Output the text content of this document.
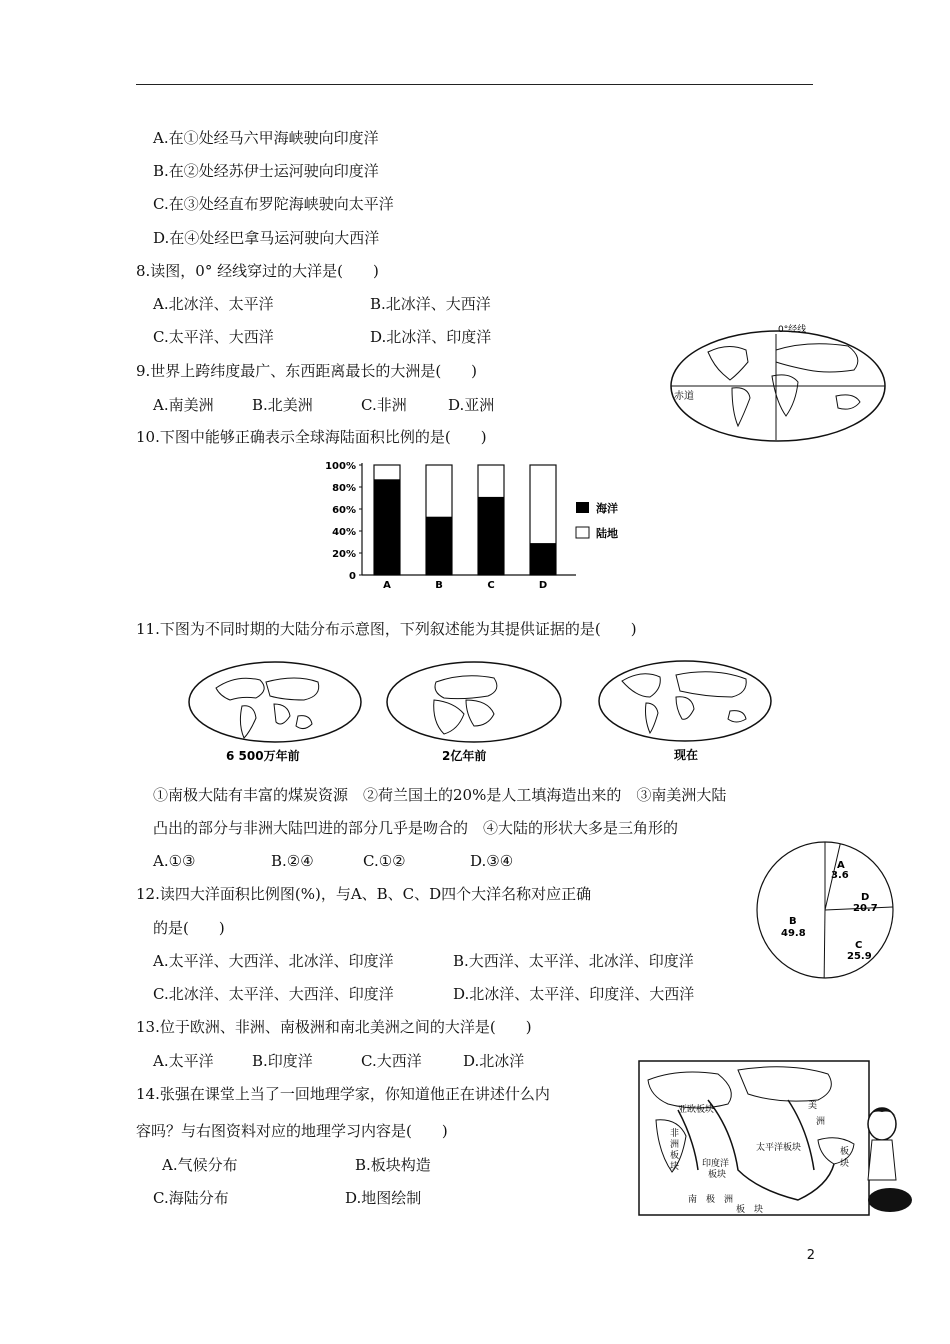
A.在①处经马六甲海峡驶向印度洋
B.在②处经苏伊士运河驶向印度洋
C.在③处经直布罗陀海峡驶向太平洋
D.在④处经巴拿马运河驶向大西洋
8.读图，0° 经线穿过的大洋是(　　)
A.北冰洋、太平洋	B.北冰洋、大西洋
C.太平洋、大西洋	D.北冰洋、印度洋	0°经线
赤道
9.世界上跨纬度最广、东西距离最长的大洲是(　　)
A.南美洲	B.北美洲	C.非洲	D.亚洲
10.下图中能够正确表示全球海陆面积比例的是(　　)
0
20%
40%
60%
80%
100%
A	B	C	D
海洋
陆地
11.下图为不同时期的大陆分布示意图，下列叙述能为其提供证据的是(　　)
6 500万年前	2亿年前	现在
①南极大陆有丰富的煤炭资源　②荷兰国土的20%是人工填海造出来的　③南美洲大陆
凸出的部分与非洲大陆凹进的部分几乎是吻合的　④大陆的形状大多是三角形的
A.①③	B.②④	C.①②	D.③④
12.读四大洋面积比例图(%)，与A、B、C、D四个大洋名称对应正确
的是(　　)
A
3.6
D
20.7
C
25.9
B
49.8
A.太平洋、大西洋、北冰洋、印度洋	B.大西洋、太平洋、北冰洋、印度洋
C.北冰洋、太平洋、大西洋、印度洋	D.北冰洋、太平洋、印度洋、大西洋
13.位于欧洲、非洲、南极洲和南北美洲之间的大洋是(　　)
A.太平洋	B.印度洋	C.大西洋	D.北冰洋
14.张强在课堂上当了一回地理学家，你知道他正在讲述什么内
容吗？与右图资料对应的地理学习内容是(　　)
A.气候分布	B.板块构造
C.海陆分布	D.地图绘制
亚欧板块
非
洲
板
块
太平洋板块
印度洋
板块
美
洲
板
块
南　极　洲
板　块
2
